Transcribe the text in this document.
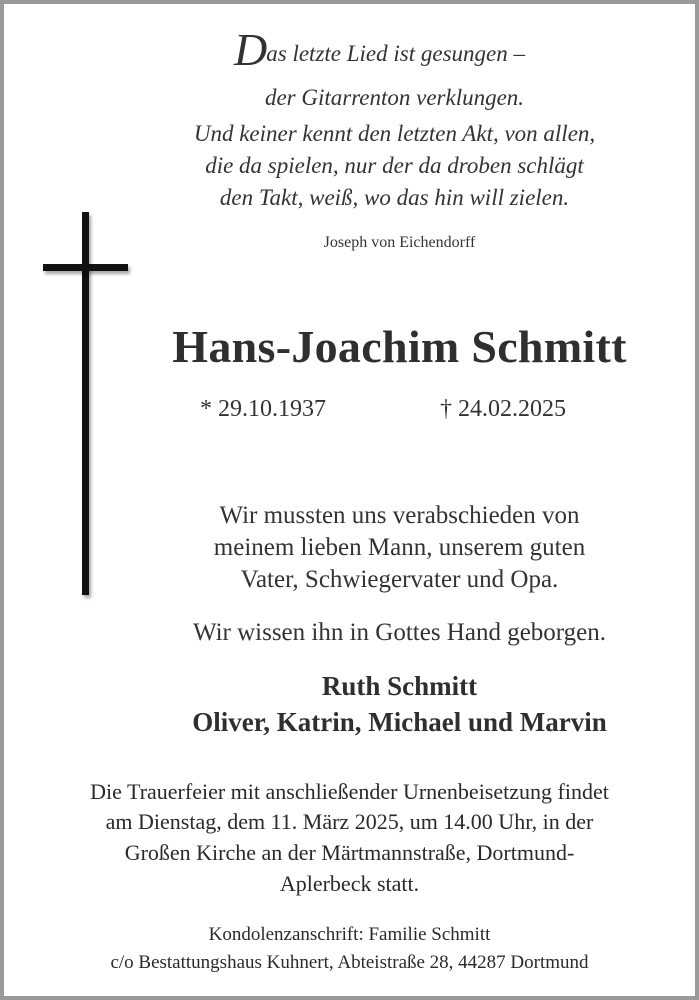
Das letzte Lied ist gesungen –
der Gitarrenton verklungen.
Und keiner kennt den letzten Akt, von allen,
die da spielen, nur der da droben schlägt
den Takt, weiß, wo das hin will zielen.
Joseph von Eichendorff
Hans-Joachim Schmitt
* 29.10.1937	† 24.02.2025
Wir mussten uns verabschieden von
meinem lieben Mann, unserem guten
Vater, Schwiegervater und Opa.
Wir wissen ihn in Gottes Hand geborgen.
Ruth Schmitt
Oliver, Katrin, Michael und Marvin
Die Trauerfeier mit anschließender Urnenbeisetzung findet
am Dienstag, dem 11. März 2025, um 14.00 Uhr, in der
Großen Kirche an der Märtmannstraße, Dortmund-
Aplerbeck statt.
Kondolenzanschrift: Familie Schmitt
c/o Bestattungshaus Kuhnert, Abteistraße 28, 44287 Dortmund
